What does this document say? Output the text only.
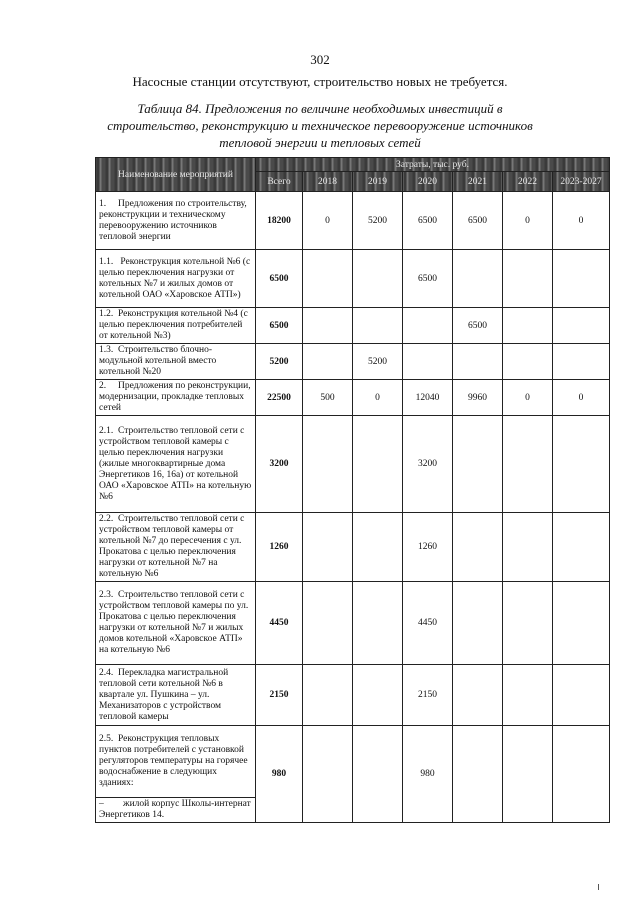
302
Насосные станции отсутствуют, строительство новых не требуется.
Таблица 84. Предложения по величине необходимых инвестиций в строительство, реконструкцию и техническое перевооружение источников тепловой энергии и тепловых сетей
Наименование мероприятий	Затраты, тыс. руб.						
	Всего	2018	2019	2020	2021	2022	2023-2027
1.     Предложения по строительству, реконструкции и техническому перевооружению источников тепловой энергии	18200	0	5200	6500	6500	0	0
1.1.   Реконструкция котельной №6 (с целью переключения нагрузки от котельных №7 и жилых домов от котельной ОАО «Харовское АТП»)	6500			6500			
1.2.  Реконструкция котельной №4 (с целью переключения потребителей от котельной №3)	6500				6500		
1.3.  Строительство блочно-модульной котельной вместо котельной №20	5200		5200				
2.     Предложения по реконструкции, модернизации, прокладке тепловых сетей	22500	500	0	12040	9960	0	0
2.1.  Строительство тепловой сети с устройством тепловой камеры с целью переключения нагрузки (жилые многоквартирные дома Энергетиков 16, 16а) от котельной ОАО «Харовское АТП» на котельную №6	3200			3200			
2.2.  Строительство тепловой сети с устройством тепловой камеры от котельной №7 до пересечения с ул. Прокатова с целью переключения нагрузки от котельной №7 на котельную №6	1260			1260			
2.3.  Строительство тепловой сети с устройством тепловой камеры по ул. Прокатова с целью переключения нагрузки от котельной №7 и жилых домов котельной «Харовское АТП» на котельную №6	4450			4450			
2.4.  Перекладка магистральной тепловой сети котельной №6 в квартале ул. Пушкина – ул. Механизаторов с устройством тепловой камеры	2150			2150			
2.5.  Реконструкция тепловых пунктов потребителей с установкой регуляторов температуры на горячее водоснабжение в следующих зданиях:	980			980			
– жилой корпус Школы-интернат Энергетиков 14.							
